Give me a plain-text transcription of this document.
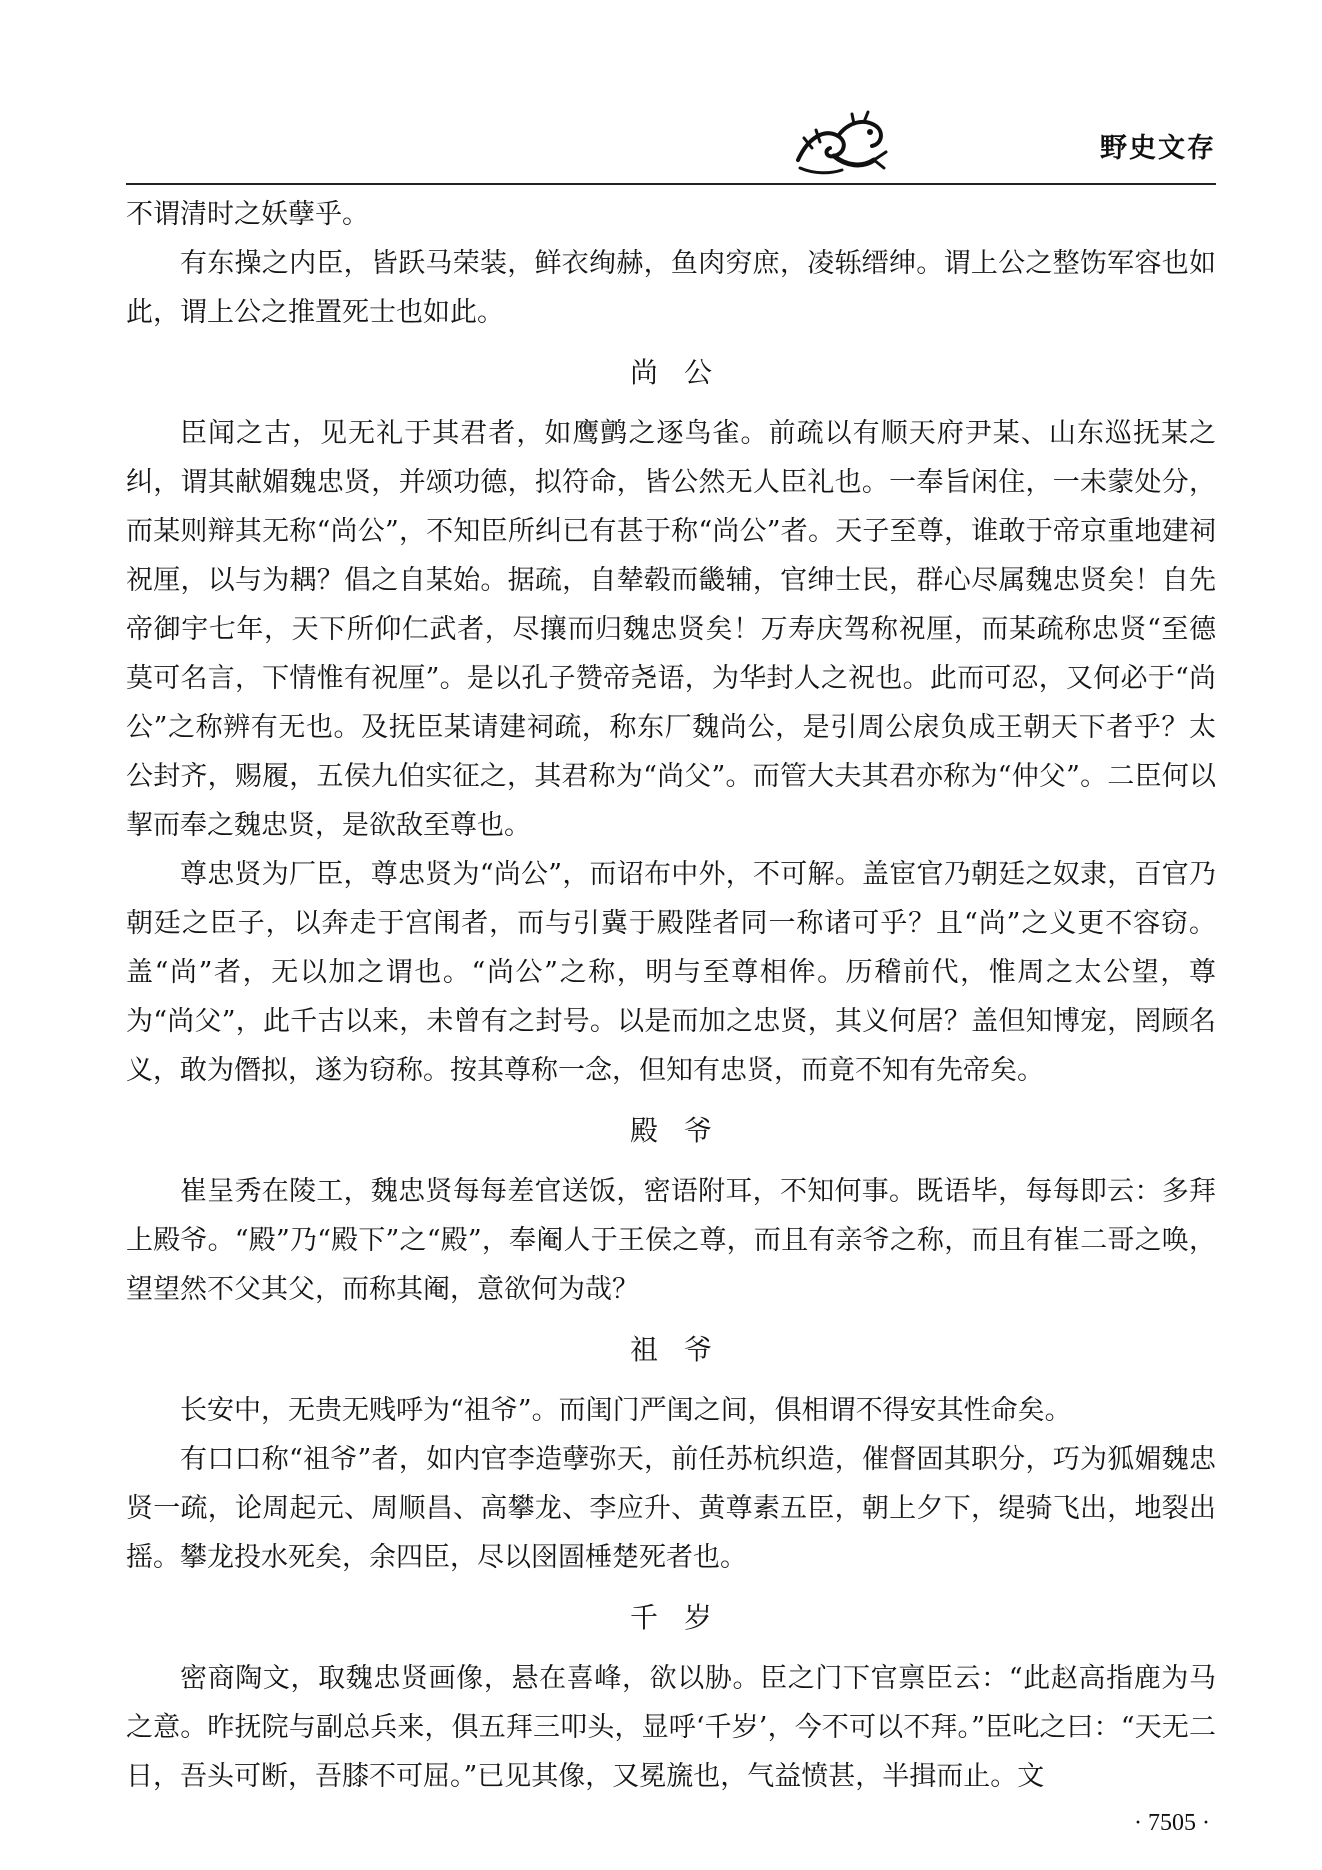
野史文存

不谓清时之妖孽乎。

有东操之内臣，皆跃马荣装，鲜衣绚赫，鱼肉穷庶，凌轹缙绅。谓上公之整饬军容也如此，谓上公之推置死士也如此。

尚公

臣闻之古，见无礼于其君者，如鹰鹯之逐鸟雀。前疏以有顺天府尹某、山东巡抚某之纠，谓其献媚魏忠贤，并颂功德，拟符命，皆公然无人臣礼也。一奉旨闲住，一未蒙处分，而某则辩其无称“尚公”，不知臣所纠已有甚于称“尚公”者。天子至尊，谁敢于帝京重地建祠祝厘，以与为耦？倡之自某始。据疏，自辇毂而畿辅，官绅士民，群心尽属魏忠贤矣！自先帝御宇七年，天下所仰仁武者，尽攘而归魏忠贤矣！万寿庆驾称祝厘，而某疏称忠贤“至德莫可名言，下情惟有祝厘”。是以孔子赞帝尧语，为华封人之祝也。此而可忍，又何必于“尚公”之称辨有无也。及抚臣某请建祠疏，称东厂魏尚公，是引周公扆负成王朝天下者乎？太公封齐，赐履，五侯九伯实征之，其君称为“尚父”。而管大夫其君亦称为“仲父”。二臣何以挈而奉之魏忠贤，是欲敌至尊也。

尊忠贤为厂臣，尊忠贤为“尚公”，而诏布中外，不可解。盖宦官乃朝廷之奴隶，百官乃朝廷之臣子，以奔走于宫闱者，而与引冀于殿陛者同一称诸可乎？且“尚”之义更不容窃。盖“尚”者，无以加之谓也。“尚公”之称，明与至尊相侔。历稽前代，惟周之太公望，尊为“尚父”，此千古以来，未曾有之封号。以是而加之忠贤，其义何居？盖但知博宠，罔顾名义，敢为僭拟，遂为窃称。按其尊称一念，但知有忠贤，而竟不知有先帝矣。

殿爷

崔呈秀在陵工，魏忠贤每每差官送饭，密语附耳，不知何事。既语毕，每每即云：多拜上殿爷。“殿”乃“殿下”之“殿”，奉阉人于王侯之尊，而且有亲爷之称，而且有崔二哥之唤，望望然不父其父，而称其阉，意欲何为哉？

祖爷

长安中，无贵无贱呼为“祖爷”。而闺门严闺之间，俱相谓不得安其性命矣。

有口口称“祖爷”者，如内官李造孽弥天，前任苏杭织造，催督固其职分，巧为狐媚魏忠贤一疏，论周起元、周顺昌、高攀龙、李应升、黄尊素五臣，朝上夕下，缇骑飞出，地裂出摇。攀龙投水死矣，余四臣，尽以囹圄棰楚死者也。

千岁

密商陶文，取魏忠贤画像，悬在喜峰，欲以胁。臣之门下官禀臣云：“此赵高指鹿为马之意。昨抚院与副总兵来，俱五拜三叩头，显呼‘千岁’，今不可以不拜。”臣叱之曰：“天无二日，吾头可断，吾膝不可屈。”已见其像，又冕旒也，气益愤甚，半揖而止。文

· 7505 ·
